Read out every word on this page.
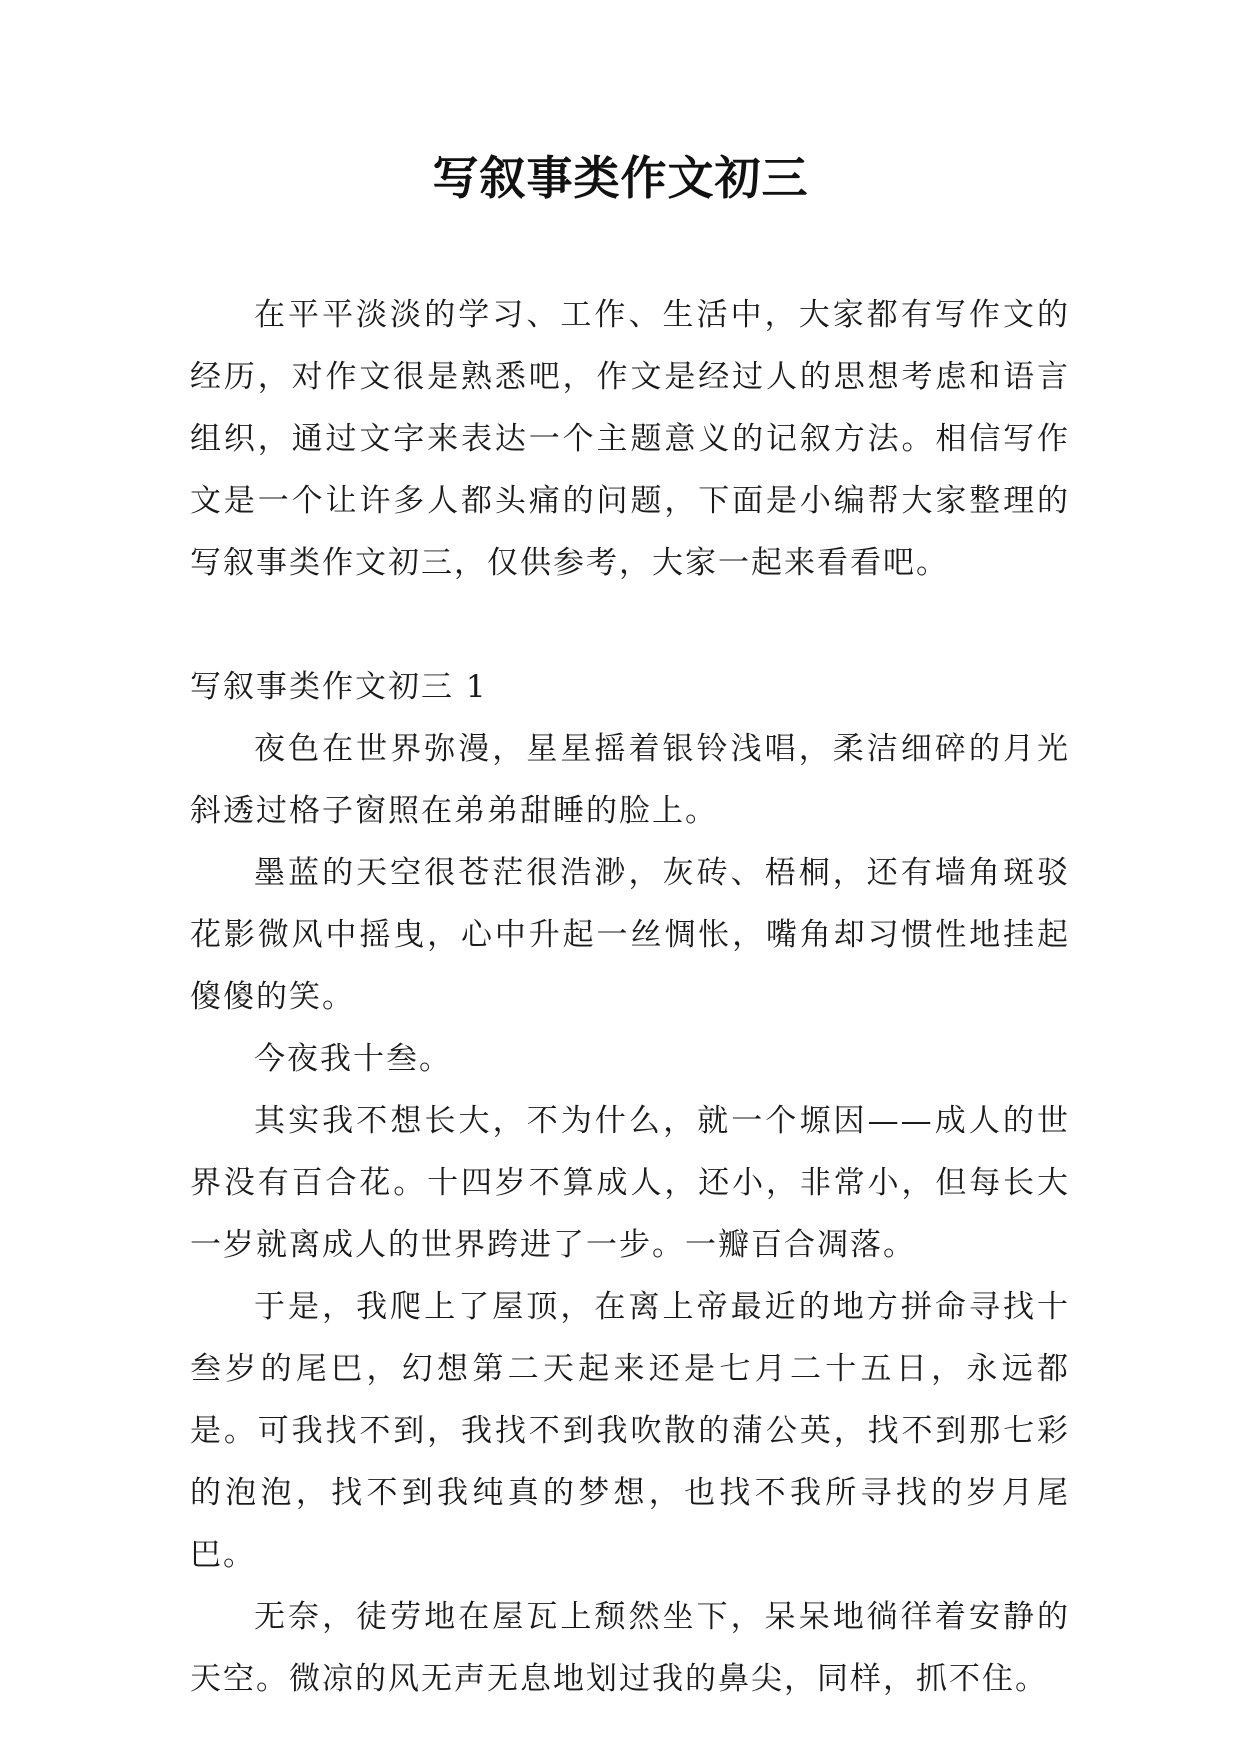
写叙事类作文初三

在平平淡淡的学习、工作、生活中，大家都有写作文的经历，对作文很是熟悉吧，作文是经过人的思想考虑和语言组织，通过文字来表达一个主题意义的记叙方法。相信写作文是一个让许多人都头痛的问题，下面是小编帮大家整理的写叙事类作文初三，仅供参考，大家一起来看看吧。

写叙事类作文初三 1

夜色在世界弥漫，星星摇着银铃浅唱，柔洁细碎的月光斜透过格子窗照在弟弟甜睡的脸上。

墨蓝的天空很苍茫很浩渺，灰砖、梧桐，还有墙角斑驳花影微风中摇曳，心中升起一丝惆怅，嘴角却习惯性地挂起傻傻的笑。

今夜我十叁。

其实我不想长大，不为什么，就一个塬因——成人的世界没有百合花。十四岁不算成人，还小，非常小，但每长大一岁就离成人的世界跨进了一步。一瓣百合凋落。

于是，我爬上了屋顶，在离上帝最近的地方拼命寻找十叁岁的尾巴，幻想第二天起来还是七月二十五日，永远都是。可我找不到，我找不到我吹散的蒲公英，找不到那七彩的泡泡，找不到我纯真的梦想，也找不我所寻找的岁月尾巴。

无奈，徒劳地在屋瓦上颓然坐下，呆呆地徜徉着安静的天空。微凉的风无声无息地划过我的鼻尖，同样，抓不住。
